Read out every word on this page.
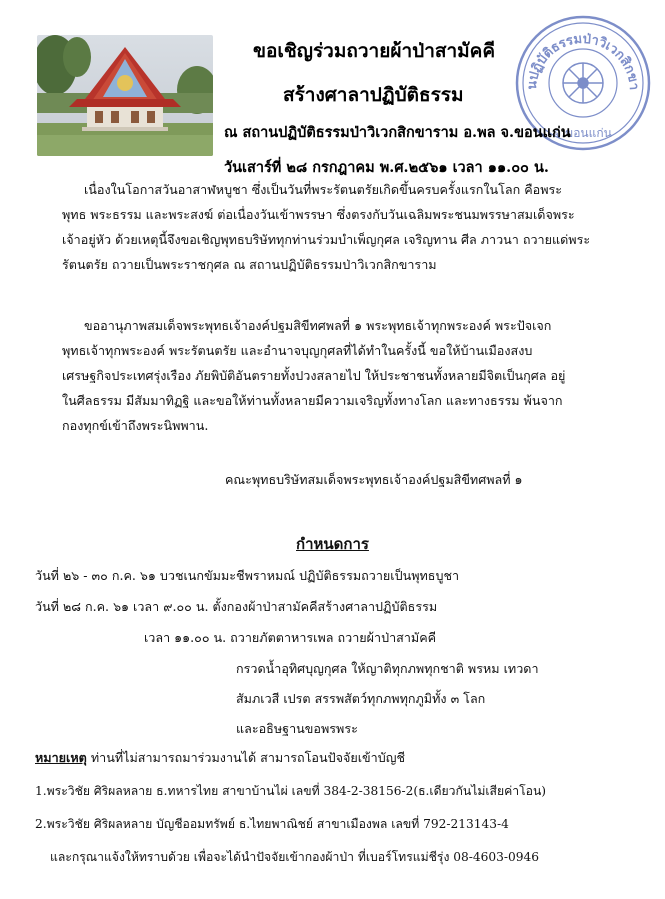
นปฏิบัติธรรมป่าวิเวกสิกขา
จ.ขอนแก่น
ขอเชิญร่วมถวายผ้าป่าสามัคคี
สร้างศาลาปฏิบัติธรรม
ณ สถานปฏิบัติธรรมป่าวิเวกสิกขาราม อ.พล จ.ขอนแก่น
วันเสาร์ที่ ๒๘ กรกฎาคม พ.ศ.๒๕๖๑ เวลา ๑๑.๐๐ น.
เนื่องในโอกาสวันอาสาฬหบูชา ซึ่งเป็นวันที่พระรัตนตรัยเกิดขึ้นครบครั้งแรกในโลก คือพระ
พุทธ พระธรรม และพระสงฆ์ ต่อเนื่องวันเข้าพรรษา ซึ่งตรงกับวันเฉลิมพระชนมพรรษาสมเด็จพระ
เจ้าอยู่หัว ด้วยเหตุนี้จึงขอเชิญพุทธบริษัททุกท่านร่วมบำเพ็ญกุศล เจริญทาน ศีล ภาวนา ถวายแด่พระ
รัตนตรัย ถวายเป็นพระราชกุศล ณ สถานปฏิบัติธรรมป่าวิเวกสิกขาราม
ขออานุภาพสมเด็จพระพุทธเจ้าองค์ปฐมสิขีทศพลที่ ๑ พระพุทธเจ้าทุกพระองค์ พระปัจเจก
พุทธเจ้าทุกพระองค์ พระรัตนตรัย และอำนาจบุญกุศลที่ได้ทำในครั้งนี้ ขอให้บ้านเมืองสงบ
เศรษฐกิจประเทศรุ่งเรือง ภัยพิบัติอันตรายทั้งปวงสลายไป ให้ประชาชนทั้งหลายมีจิตเป็นกุศล อยู่
ในศีลธรรม มีสัมมาทิฏฐิ และขอให้ท่านทั้งหลายมีความเจริญทั้งทางโลก และทางธรรม พ้นจาก
กองทุกข์เข้าถึงพระนิพพาน.
คณะพุทธบริษัทสมเด็จพระพุทธเจ้าองค์ปฐมสิขีทศพลที่ ๑
กำหนดการ
วันที่ ๒๖ - ๓๐ ก.ค. ๖๑ บวชเนกขัมมะชีพราหมณ์ ปฏิบัติธรรมถวายเป็นพุทธบูชา
วันที่ ๒๘ ก.ค. ๖๑ เวลา ๙.๐๐ น. ตั้งกองผ้าป่าสามัคคีสร้างศาลาปฏิบัติธรรม
เวลา ๑๑.๐๐ น. ถวายภัตตาหารเพล ถวายผ้าป่าสามัคคี
กรวดน้ำอุทิศบุญกุศล ให้ญาติทุกภพทุกชาติ พรหม เทวดา
สัมภเวสี เปรต สรรพสัตว์ทุกภพทุกภูมิทั้ง ๓ โลก
และอธิษฐานขอพรพระ
หมายเหตุ ท่านที่ไม่สามารถมาร่วมงานได้ สามารถโอนปัจจัยเข้าบัญชี
1.พระวิชัย ศิริผลหลาย ธ.ทหารไทย สาขาบ้านไผ่ เลขที่ 384-2-38156-2(ธ.เดียวกันไม่เสียค่าโอน)
2.พระวิชัย ศิริผลหลาย บัญชีออมทรัพย์ ธ.ไทยพาณิชย์ สาขาเมืองพล เลขที่ 792-213143-4
และกรุณาแจ้งให้ทราบด้วย เพื่อจะได้นำปัจจัยเข้ากองผ้าป่า ที่เบอร์โทรแม่ชีรุ่ง 08-4603-0946
